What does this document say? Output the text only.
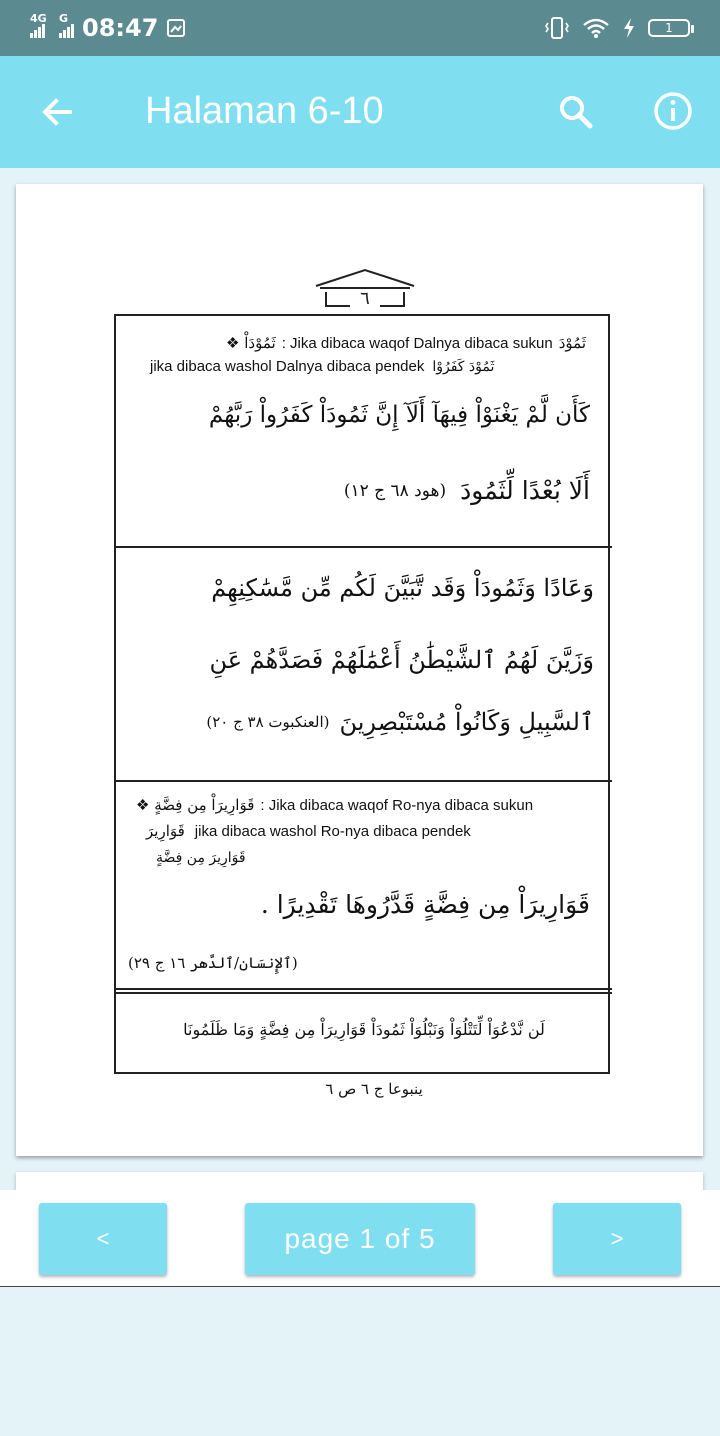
4G G 08:47	1
Halaman 6-10
٦
ثَمُوْدَاْ ❖ : Jika dibaca waqof Dalnya dibaca sukun ثَمُوْدَ
jika dibaca washol Dalnya dibaca pendek ثَمُوْدَ كَفَرُوْا
كَأَن لَّمْ يَغْنَوْاْ فِيهَآ أَلَآ إِنَّ ثَمُودَاْ كَفَرُواْ رَبَّهُمْ
أَلَا بُعْدًا لِّثَمُودَ
(هود ٦٨ ج ١٢)
وَعَادًا وَثَمُودَاْ وَقَد تَّبَيَّنَ لَكُم مِّن مَّسَٰكِنِهِمْ
وَزَيَّنَ لَهُمُ ٱلشَّيْطَٰنُ أَعْمَٰلَهُمْ فَصَدَّهُمْ عَنِ
ٱلسَّبِيلِ وَكَانُواْ مُسْتَبْصِرِينَ
(العنكبوت ٣٨ ج ٢٠)
قَوَارِيرَاْ مِن فِضَّةٍ ❖ : Jika dibaca waqof Ro-nya dibaca sukun
قَوَارِيرَ jika dibaca washol Ro-nya dibaca pendek
قَوَارِيرَ مِن فِضَّةٍ
قَوَارِيرَاْ مِن فِضَّةٍ قَدَّرُوهَا تَقْدِيرًا .
(ٱلإِنسَان/ٱلدَّهر ١٦ ج ٢٩)
لَن نَّدْعُوَاْ لِّتَتْلُوَاْ وَنَبْلُوَاْ ثَمُودَاْ قَوَارِيرَاْ مِن فِضَّةٍ وَمَا ظَلَمُونَا
ينبوعا ج ٦ ص ٦
<	page 1 of 5	>
